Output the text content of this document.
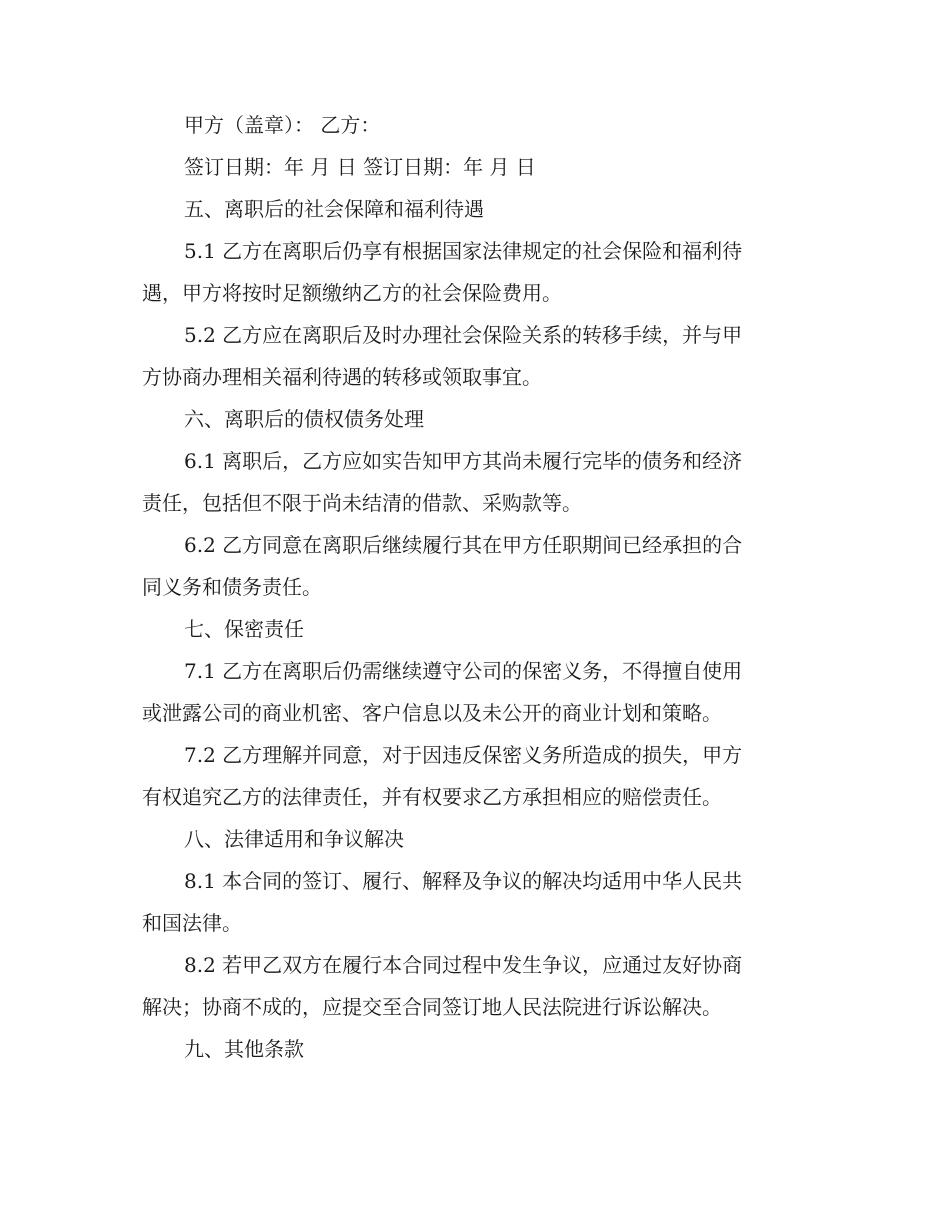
甲方（盖章）： 乙方：
签订日期：年 月 日 签订日期：年 月 日
五、离职后的社会保障和福利待遇
5.1 乙方在离职后仍享有根据国家法律规定的社会保险和福利待
遇，甲方将按时足额缴纳乙方的社会保险费用。
5.2 乙方应在离职后及时办理社会保险关系的转移手续，并与甲
方协商办理相关福利待遇的转移或领取事宜。
六、离职后的债权债务处理
6.1 离职后，乙方应如实告知甲方其尚未履行完毕的债务和经济
责任，包括但不限于尚未结清的借款、采购款等。
6.2 乙方同意在离职后继续履行其在甲方任职期间已经承担的合
同义务和债务责任。
七、保密责任
7.1 乙方在离职后仍需继续遵守公司的保密义务，不得擅自使用
或泄露公司的商业机密、客户信息以及未公开的商业计划和策略。
7.2 乙方理解并同意，对于因违反保密义务所造成的损失，甲方
有权追究乙方的法律责任，并有权要求乙方承担相应的赔偿责任。
八、法律适用和争议解决
8.1 本合同的签订、履行、解释及争议的解决均适用中华人民共
和国法律。
8.2 若甲乙双方在履行本合同过程中发生争议，应通过友好协商
解决；协商不成的，应提交至合同签订地人民法院进行诉讼解决。
九、其他条款
